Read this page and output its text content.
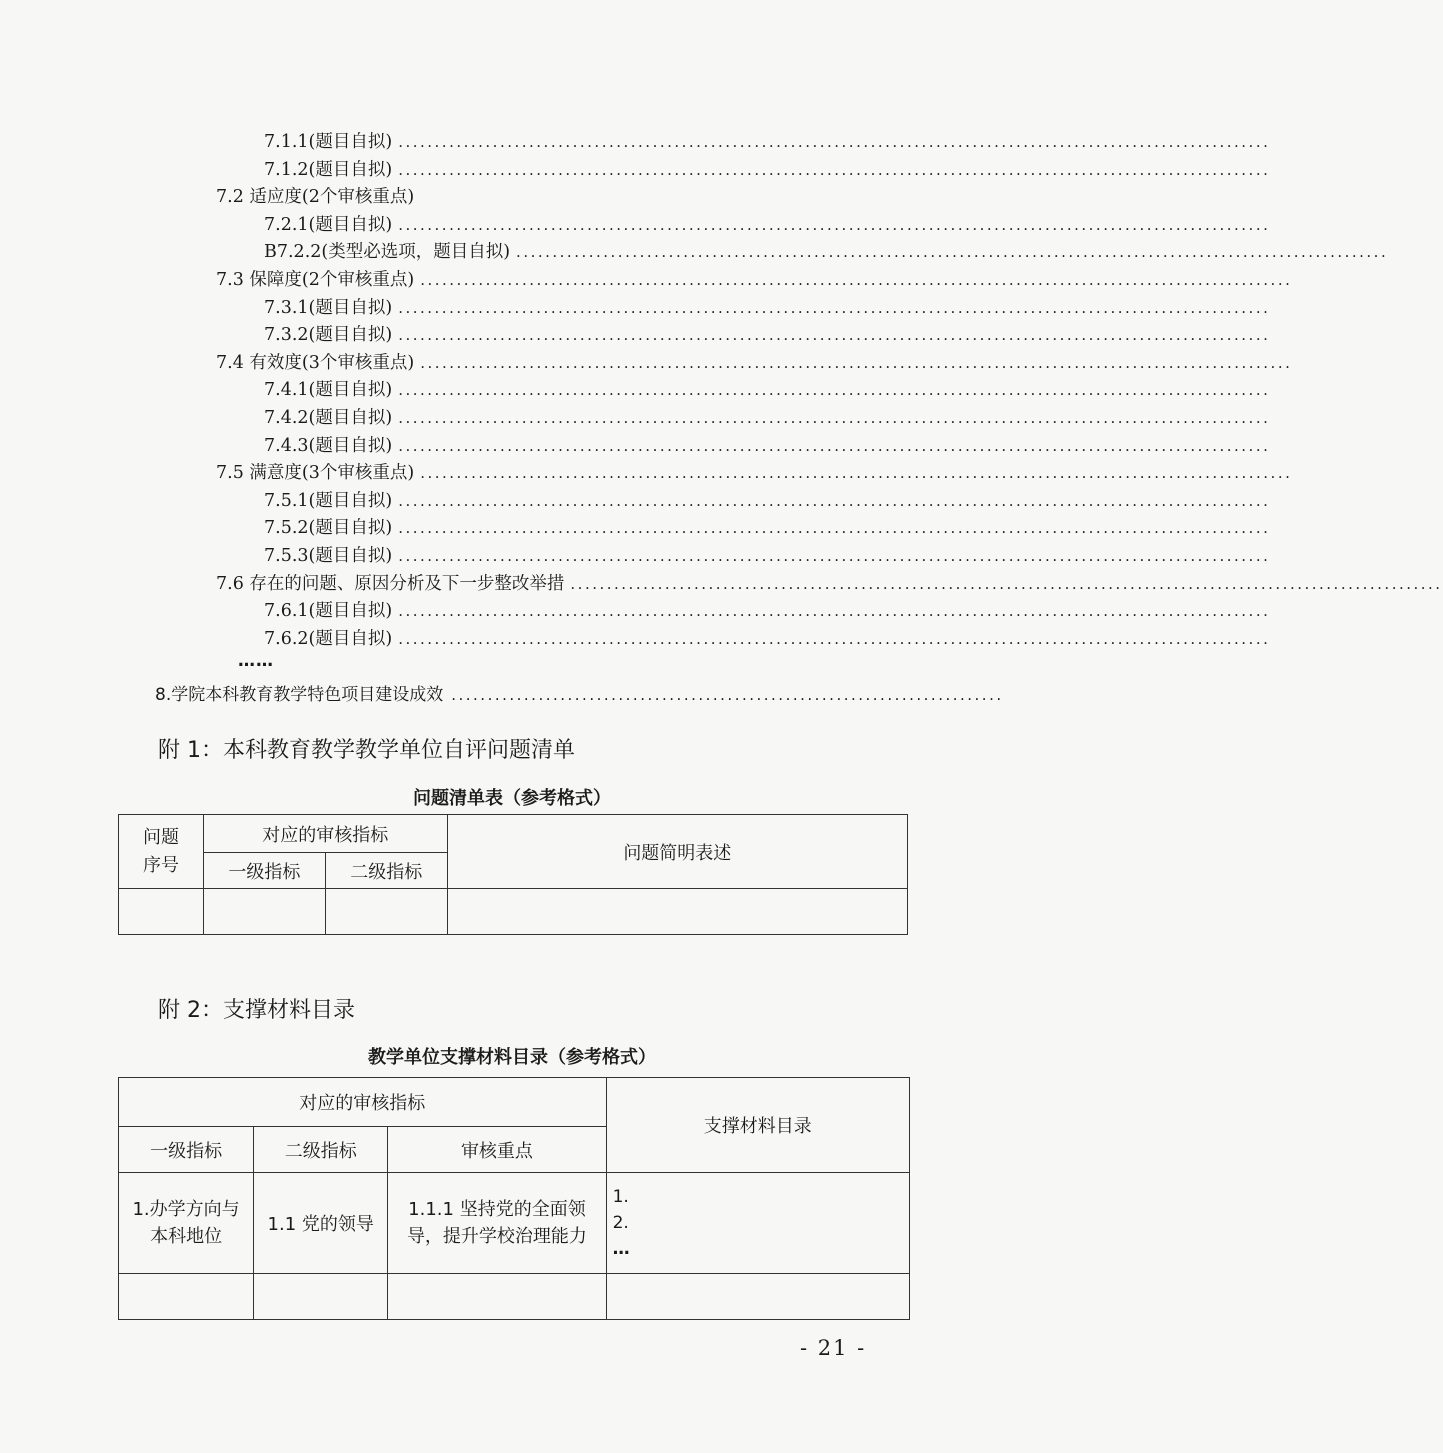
7.1.1(题目自拟) ........................................................................................................................
7.1.2(题目自拟) ........................................................................................................................
7.2 适应度(2个审核重点)
7.2.1(题目自拟) ........................................................................................................................
B7.2.2(类型必选项，题目自拟) ........................................................................................................................
7.3 保障度(2个审核重点) ........................................................................................................................
7.3.1(题目自拟) ........................................................................................................................
7.3.2(题目自拟) ........................................................................................................................
7.4 有效度(3个审核重点) ........................................................................................................................
7.4.1(题目自拟) ........................................................................................................................
7.4.2(题目自拟) ........................................................................................................................
7.4.3(题目自拟) ........................................................................................................................
7.5 满意度(3个审核重点) ........................................................................................................................
7.5.1(题目自拟) ........................................................................................................................
7.5.2(题目自拟) ........................................................................................................................
7.5.3(题目自拟) ........................................................................................................................
7.6 存在的问题、原因分析及下一步整改举措 ........................................................................................................................
7.6.1(题目自拟) ........................................................................................................................
7.6.2(题目自拟) ........................................................................................................................
……
8.学院本科教育教学特色项目建设成效 ............................................................................
附 1：本科教育教学教学单位自评问题清单
问题清单表（参考格式）
问题序号	对应的审核指标		问题简明表述
	一级指标	二级指标	

附 2：支撑材料目录
教学单位支撑材料目录（参考格式）
对应的审核指标			支撑材料目录
一级指标	二级指标	审核重点	

1.办学方向与本科地位	1.1 党的领导	1.1.1 坚持党的全面领导，提升学校治理能力	1.
2.
…

- 21 -
